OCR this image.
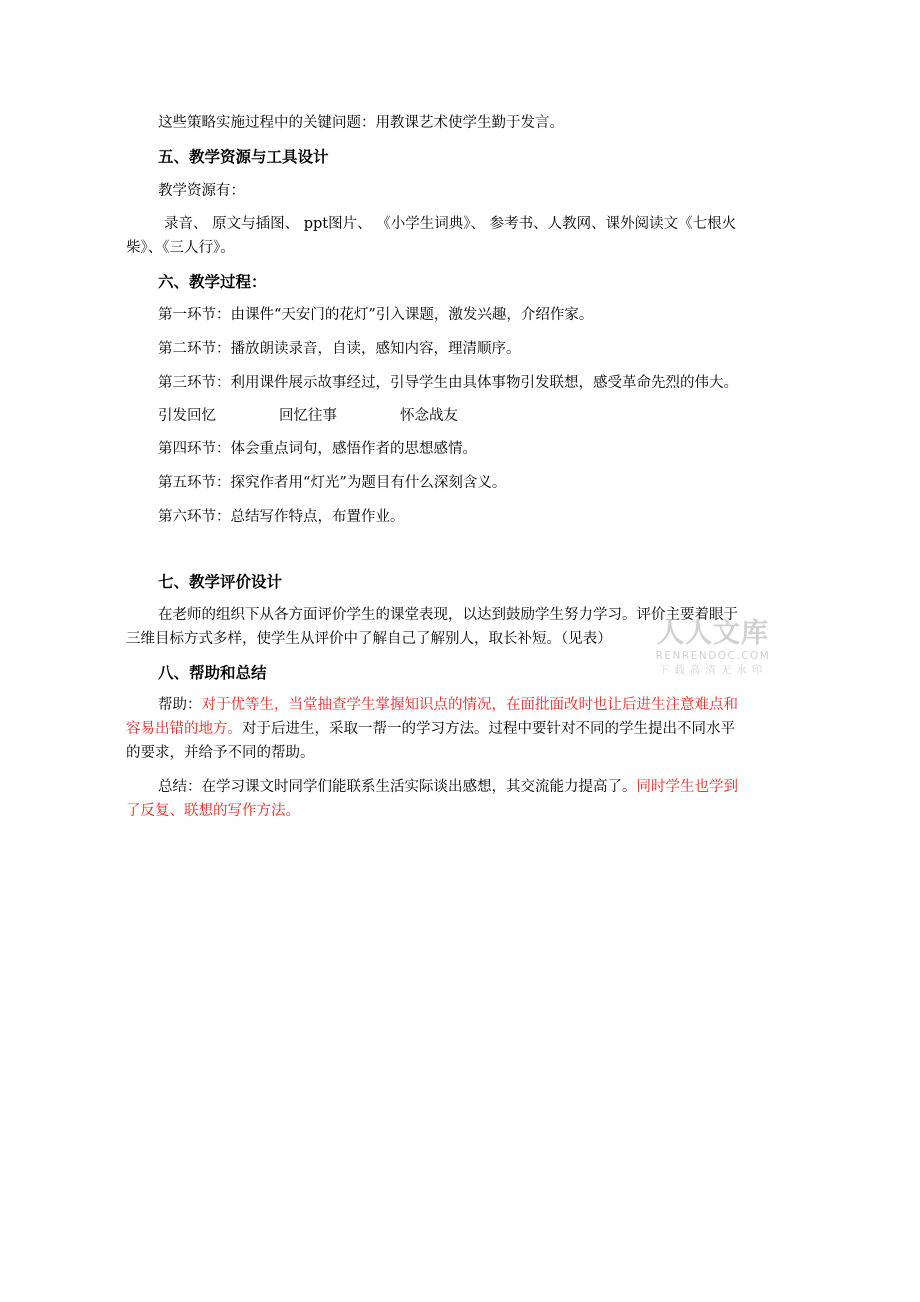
这些策略实施过程中的关键问题：用教课艺术使学生勤于发言。
五、教学资源与工具设计
教学资源有：
录音、 原文与插图、 ppt图片、 《小学生词典》、 参考书、人教网、课外阅读文《七根火
柴》、《三人行》。
六、教学过程：
第一环节：由课件“天安门的花灯”引入课题，激发兴趣，介绍作家。
第二环节：播放朗读录音，自读，感知内容，理清顺序。
第三环节：利用课件展示故事经过，引导学生由具体事物引发联想，感受革命先烈的伟大。
引发回忆	回忆往事	怀念战友
第四环节：体会重点词句，感悟作者的思想感情。
第五环节：探究作者用“灯光”为题目有什么深刻含义。
第六环节：总结写作特点，布置作业。
七、教学评价设计
在老师的组织下从各方面评价学生的课堂表现，以达到鼓励学生努力学习。评价主要着眼于
三维目标方式多样，使学生从评价中了解自己了解别人，取长补短。（见表）
八、帮助和总结
帮助：对于优等生，当堂抽查学生掌握知识点的情况，在面批面改时也让后进生注意难点和
容易出错的地方。对于后进生，采取一帮一的学习方法。过程中要针对不同的学生提出不同水平
的要求，并给予不同的帮助。
总结：在学习课文时同学们能联系生活实际谈出感想，其交流能力提高了。同时学生也学到
了反复、联想的写作方法。
人人文库
RENRENDOC.COM
下载高清无水印
